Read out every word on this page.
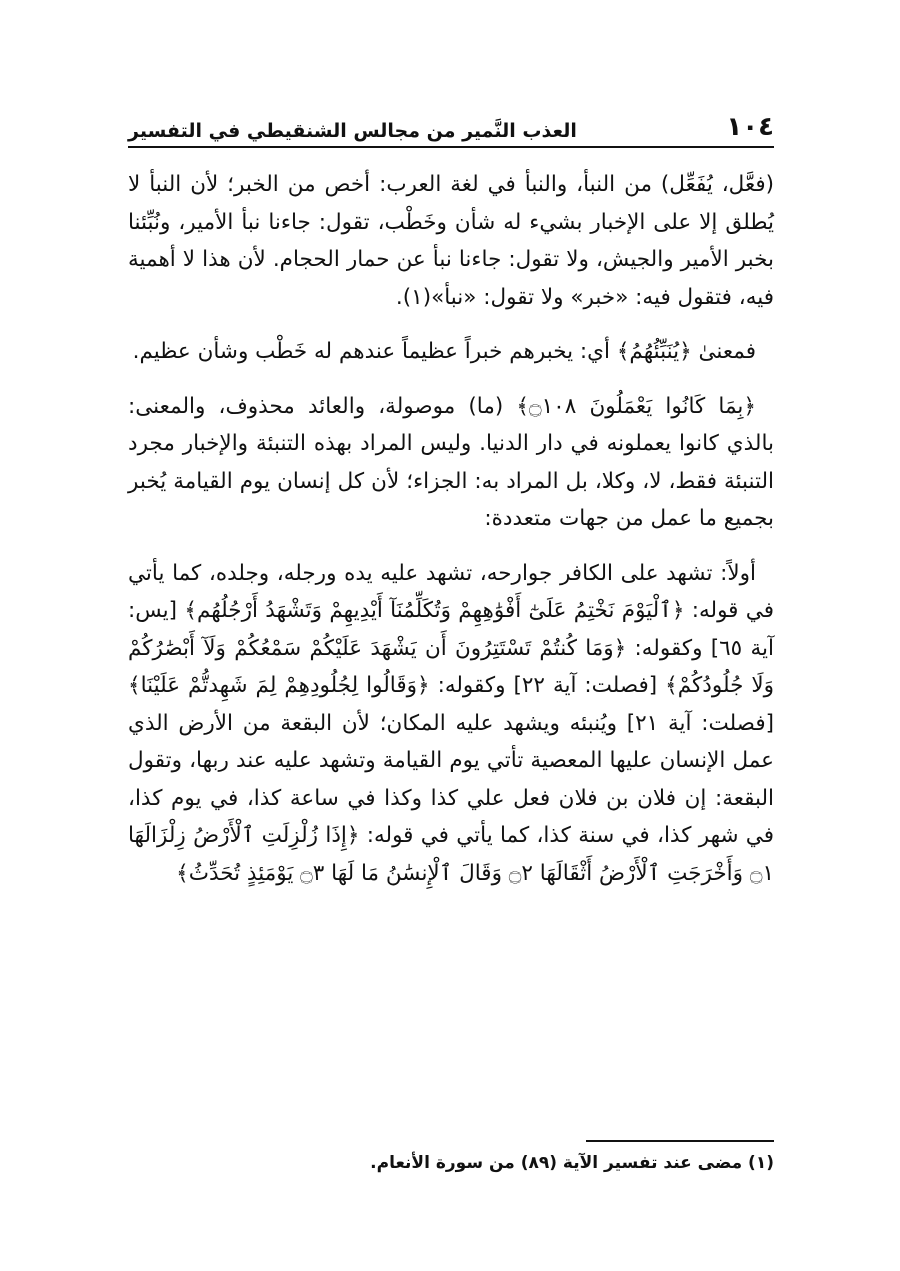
١٠٤
العذب النَّمير من مجالس الشنقيطي في التفسير

(فعَّل، يُفَعِّل) من النبأ، والنبأ في لغة العرب: أخص من الخبر؛ لأن النبأ لا يُطلق إلا على الإخبار بشيء له شأن وخَطْب، تقول: جاءنا نبأ الأمير، ونُبِّئنا بخبر الأمير والجيش، ولا تقول: جاءنا نبأ عن حمار الحجام. لأن هذا لا أهمية فيه، فتقول فيه: «خبر» ولا تقول: «نبأ»(١).

فمعنىٰ ﴿يُنَبِّئُهُمُ﴾ أي: يخبرهم خبراً عظيماً عندهم له خَطْب وشأن عظيم.

﴿بِمَا كَانُوا يَعْمَلُونَ ۝١٠٨﴾ (ما) موصولة، والعائد محذوف، والمعنى: بالذي كانوا يعملونه في دار الدنيا. وليس المراد بهذه التنبئة والإخبار مجرد التنبئة فقط، لا، وكلا، بل المراد به: الجزاء؛ لأن كل إنسان يوم القيامة يُخبر بجميع ما عمل من جهات متعددة:

أولاً: تشهد على الكافر جوارحه، تشهد عليه يده ورجله، وجلده، كما يأتي في قوله: ﴿ٱلْيَوْمَ نَخْتِمُ عَلَىٰٓ أَفْوَٰهِهِمْ وَتُكَلِّمُنَآ أَيْدِيهِمْ وَتَشْهَدُ أَرْجُلُهُم﴾ [يس: آية ٦٥] وكقوله: ﴿وَمَا كُنتُمْ تَسْتَتِرُونَ أَن يَشْهَدَ عَلَيْكُمْ سَمْعُكُمْ وَلَآ أَبْصَٰرُكُمْ وَلَا جُلُودُكُمْ﴾ [فصلت: آية ٢٢] وكقوله: ﴿وَقَالُوا لِجُلُودِهِمْ لِمَ شَهِدتُّمْ عَلَيْنَا﴾ [فصلت: آية ٢١] ويُنبئه ويشهد عليه المكان؛ لأن البقعة من الأرض الذي عمل الإنسان عليها المعصية تأتي يوم القيامة وتشهد عليه عند ربها، وتقول البقعة: إن فلان بن فلان فعل علي كذا وكذا في ساعة كذا، في يوم كذا، في شهر كذا، في سنة كذا، كما يأتي في قوله: ﴿إِذَا زُلْزِلَتِ ٱلْأَرْضُ زِلْزَالَهَا ۝١ وَأَخْرَجَتِ ٱلْأَرْضُ أَثْقَالَهَا ۝٢ وَقَالَ ٱلْإِنسَٰنُ مَا لَهَا ۝٣ يَوْمَئِذٍ تُحَدِّثُ﴾

(١) مضى عند تفسير الآية (٨٩) من سورة الأنعام.
